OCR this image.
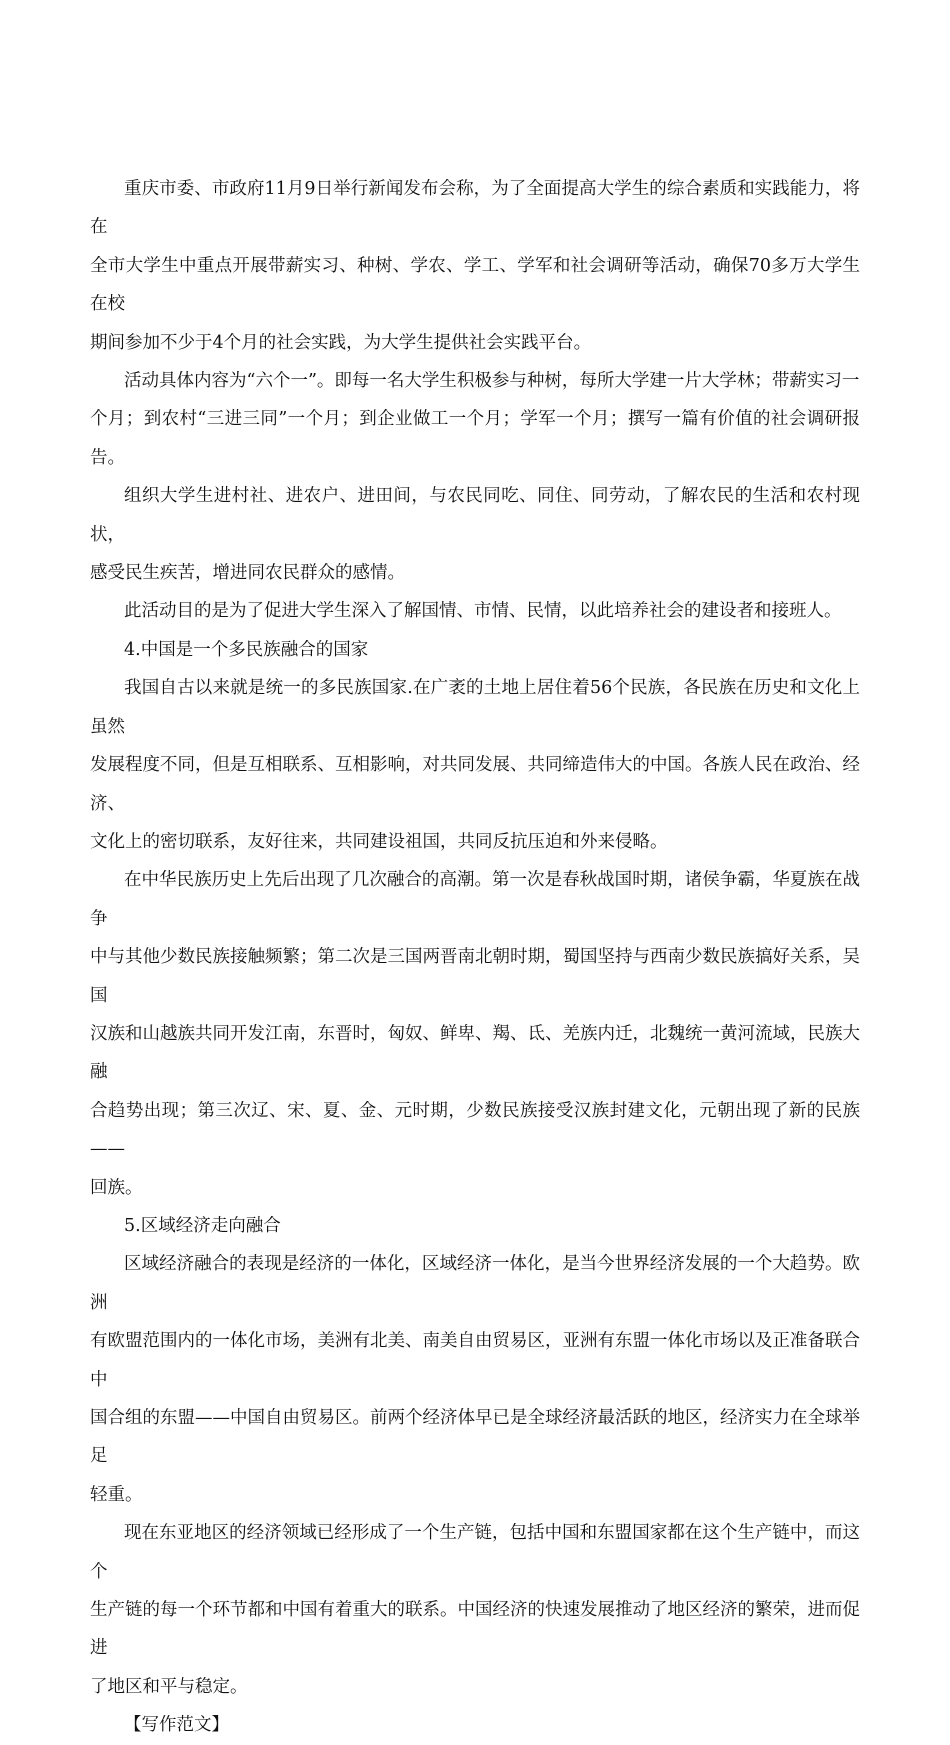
重庆市委、市政府11月9日举行新闻发布会称，为了全面提高大学生的综合素质和实践能力，将在
全市大学生中重点开展带薪实习、种树、学农、学工、学军和社会调研等活动，确保70多万大学生在校
期间参加不少于4个月的社会实践，为大学生提供社会实践平台。

活动具体内容为“六个一”。即每一名大学生积极参与种树，每所大学建一片大学林；带薪实习一
个月；到农村“三进三同”一个月；到企业做工一个月；学军一个月；撰写一篇有价值的社会调研报告。

组织大学生进村社、进农户、进田间，与农民同吃、同住、同劳动，了解农民的生活和农村现状，
感受民生疾苦，增进同农民群众的感情。

此活动目的是为了促进大学生深入了解国情、市情、民情，以此培养社会的建设者和接班人。

4.中国是一个多民族融合的国家

我国自古以来就是统一的多民族国家.在广袤的土地上居住着56个民族，各民族在历史和文化上虽然
发展程度不同，但是互相联系、互相影响，对共同发展、共同缔造伟大的中国。各族人民在政治、经济、
文化上的密切联系，友好往来，共同建设祖国，共同反抗压迫和外来侵略。

在中华民族历史上先后出现了几次融合的高潮。第一次是春秋战国时期，诸侯争霸，华夏族在战争
中与其他少数民族接触频繁；第二次是三国两晋南北朝时期，蜀国坚持与西南少数民族搞好关系，吴国
汉族和山越族共同开发江南，东晋时，匈奴、鲜卑、羯、氐、羌族内迁，北魏统一黄河流域，民族大融
合趋势出现；第三次辽、宋、夏、金、元时期，少数民族接受汉族封建文化，元朝出现了新的民族——
回族。

5.区域经济走向融合

区域经济融合的表现是经济的一体化，区域经济一体化，是当今世界经济发展的一个大趋势。欧洲
有欧盟范围内的一体化市场，美洲有北美、南美自由贸易区，亚洲有东盟一体化市场以及正准备联合中
国合组的东盟——中国自由贸易区。前两个经济体早已是全球经济最活跃的地区，经济实力在全球举足
轻重。

现在东亚地区的经济领域已经形成了一个生产链，包括中国和东盟国家都在这个生产链中，而这个
生产链的每一个环节都和中国有着重大的联系。中国经济的快速发展推动了地区经济的繁荣，进而促进
了地区和平与稳定。

【写作范文】
